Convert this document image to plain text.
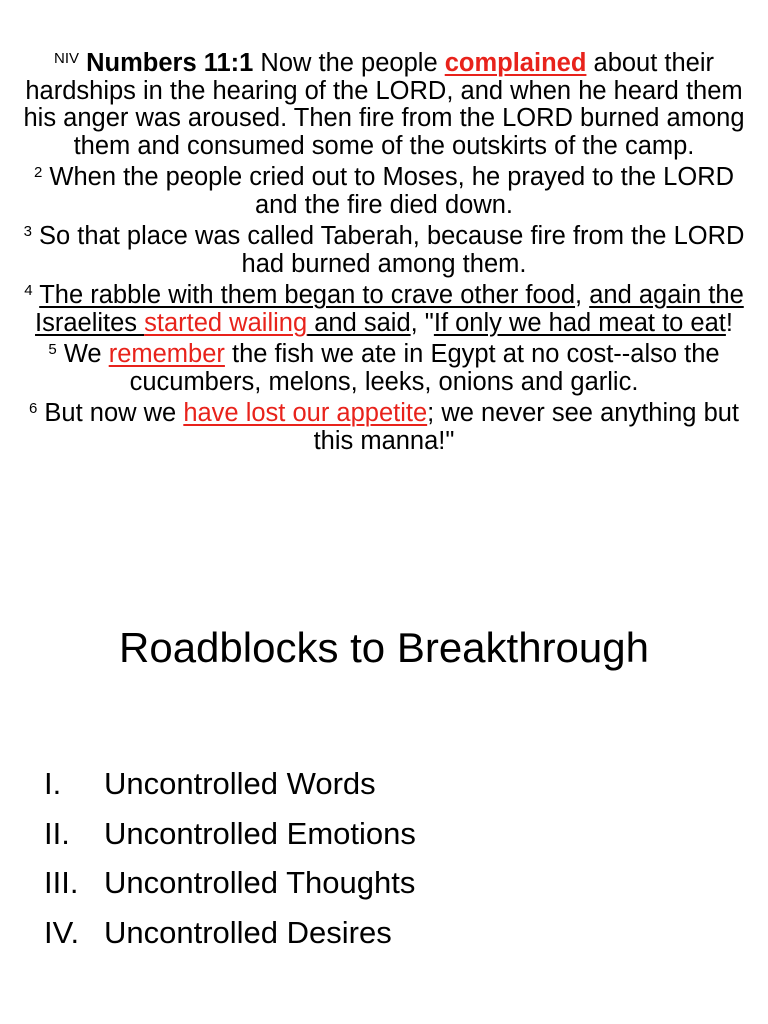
$^{NIV}$ Numbers 11:1 Now the people complained about their hardships in the hearing of the LORD, and when he heard them his anger was aroused. Then fire from the LORD burned among them and consumed some of the outskirts of the camp.

$^2$ When the people cried out to Moses, he prayed to the LORD and the fire died down.

$^3$ So that place was called Taberah, because fire from the LORD had burned among them.

$^4$ The rabble with them began to crave other food, and again the Israelites started wailing and said, "If only we had meat to eat!

$^5$ We remember the fish we ate in Egypt at no cost--also the cucumbers, melons, leeks, onions and garlic.

$^6$ But now we have lost our appetite; we never see anything but this manna!"

Roadblocks to Breakthrough
I.	Uncontrolled Words
II.	Uncontrolled Emotions
III. Uncontrolled Thoughts
IV. Uncontrolled Desires
